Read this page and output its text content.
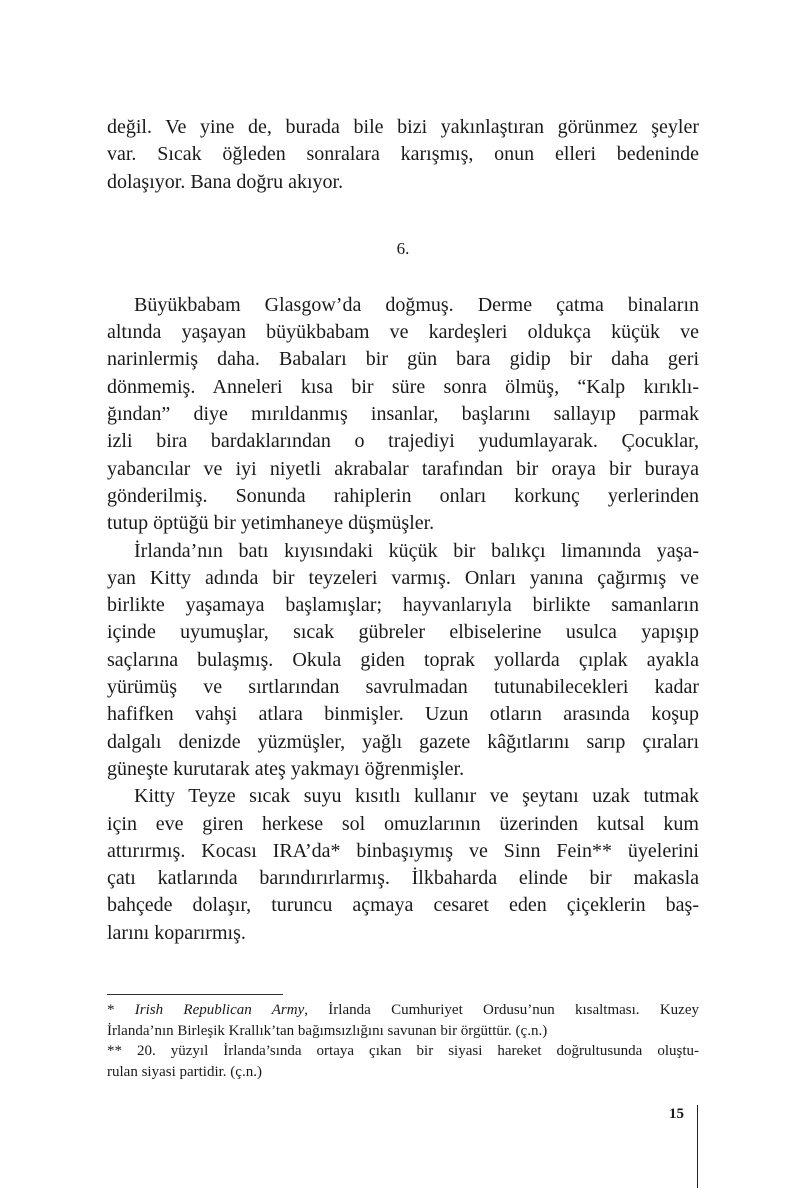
değil. Ve yine de, burada bile bizi yakınlaştıran görünmez şeyler
var. Sıcak öğleden sonralara karışmış, onun elleri bedeninde
dolaşıyor. Bana doğru akıyor.
6.
Büyükbabam Glasgow’da doğmuş. Derme çatma binaların
altında yaşayan büyükbabam ve kardeşleri oldukça küçük ve
narinlermiş daha. Babaları bir gün bara gidip bir daha geri
dönmemiş. Anneleri kısa bir süre sonra ölmüş, “Kalp kırıklı-
ğından” diye mırıldanmış insanlar, başlarını sallayıp parmak
izli bira bardaklarından o trajediyi yudumlayarak. Çocuklar,
yabancılar ve iyi niyetli akrabalar tarafından bir oraya bir buraya
gönderilmiş. Sonunda rahiplerin onları korkunç yerlerinden
tutup öptüğü bir yetimhaneye düşmüşler.
İrlanda’nın batı kıyısındaki küçük bir balıkçı limanında yaşa-
yan Kitty adında bir teyzeleri varmış. Onları yanına çağırmış ve
birlikte yaşamaya başlamışlar; hayvanlarıyla birlikte samanların
içinde uyumuşlar, sıcak gübreler elbiselerine usulca yapışıp
saçlarına bulaşmış. Okula giden toprak yollarda çıplak ayakla
yürümüş ve sırtlarından savrulmadan tutunabilecekleri kadar
hafifken vahşi atlara binmişler. Uzun otların arasında koşup
dalgalı denizde yüzmüşler, yağlı gazete kâğıtlarını sarıp çıraları
güneşte kurutarak ateş yakmayı öğrenmişler.
Kitty Teyze sıcak suyu kısıtlı kullanır ve şeytanı uzak tutmak
için eve giren herkese sol omuzlarının üzerinden kutsal kum
attırırmış. Kocası IRA’da* binbaşıymış ve Sinn Fein** üyelerini
çatı katlarında barındırırlarmış. İlkbaharda elinde bir makasla
bahçede dolaşır, turuncu açmaya cesaret eden çiçeklerin baş-
larını koparırmış.
* Irish Republican Army, İrlanda Cumhuriyet Ordusu’nun kısaltması. Kuzey
İrlanda’nın Birleşik Krallık’tan bağımsızlığını savunan bir örgüttür. (ç.n.)
** 20. yüzyıl İrlanda’sında ortaya çıkan bir siyasi hareket doğrultusunda oluştu-
rulan siyasi partidir. (ç.n.)
15
